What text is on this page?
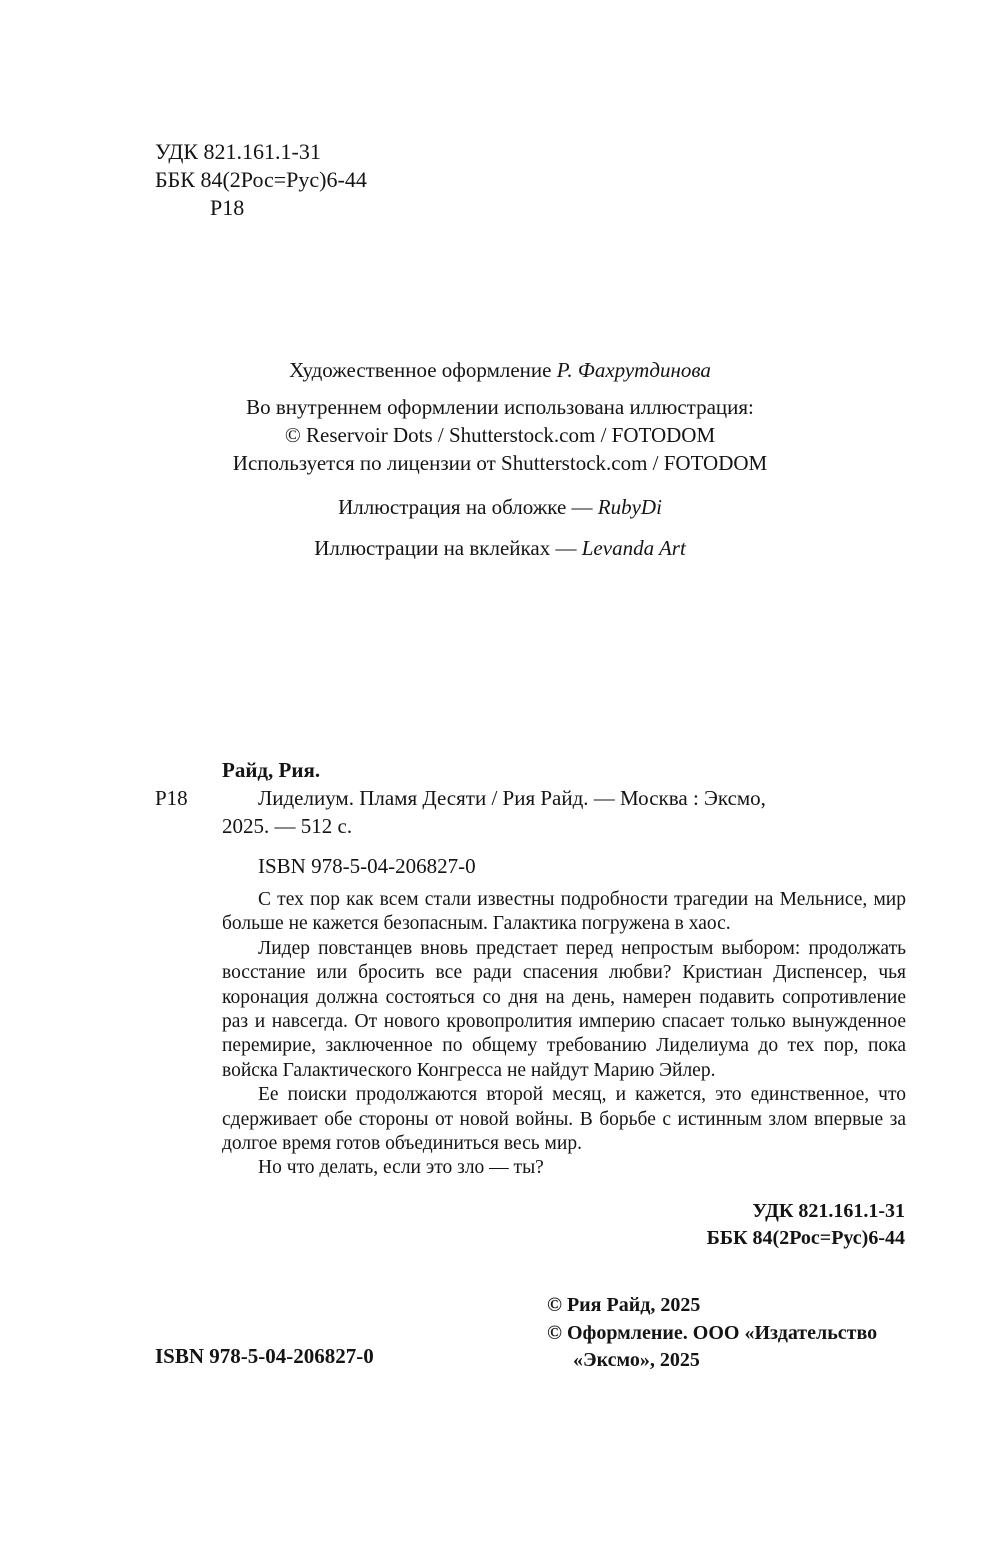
УДК 821.161.1-31
ББК 84(2Рос=Рус)6-44
Р18
Художественное оформление Р. Фахрутдинова
Во внутреннем оформлении использована иллюстрация:
© Reservoir Dots / Shutterstock.com / FOTODOM
Используется по лицензии от Shutterstock.com / FOTODOM
Иллюстрация на обложке — RubyDi
Иллюстрации на вклейках — Levanda Art
Р18

Райд, Рия.

Лиделиум. Пламя Десяти / Рия Райд. — Москва : Эксмо,
2025. — 512 с.

ISBN 978-5-04-206827-0

С тех пор как всем стали известны подробности трагедии на Мельнисе, мир больше не кажется безопасным. Галактика погружена в хаос.

Лидер повстанцев вновь предстает перед непростым выбором: продолжать восстание или бросить все ради спасения любви? Кристиан Диспенсер, чья коронация должна состояться со дня на день, намерен подавить сопротивление раз и навсегда. От нового кровопролития империю спасает только вынужденное перемирие, заключенное по общему требованию Лиделиума до тех пор, пока войска Галактического Конгресса не найдут Марию Эйлер.

Ее поиски продолжаются второй месяц, и кажется, это единственное, что сдерживает обе стороны от новой войны. В борьбе с истинным злом впервые за долгое время готов объединиться весь мир.

Но что делать, если это зло — ты?

УДК 821.161.1-31
ББК 84(2Рос=Рус)6-44
© Рия Райд, 2025
© Оформление. ООО «Издательство
«Эксмо», 2025
ISBN 978-5-04-206827-0
